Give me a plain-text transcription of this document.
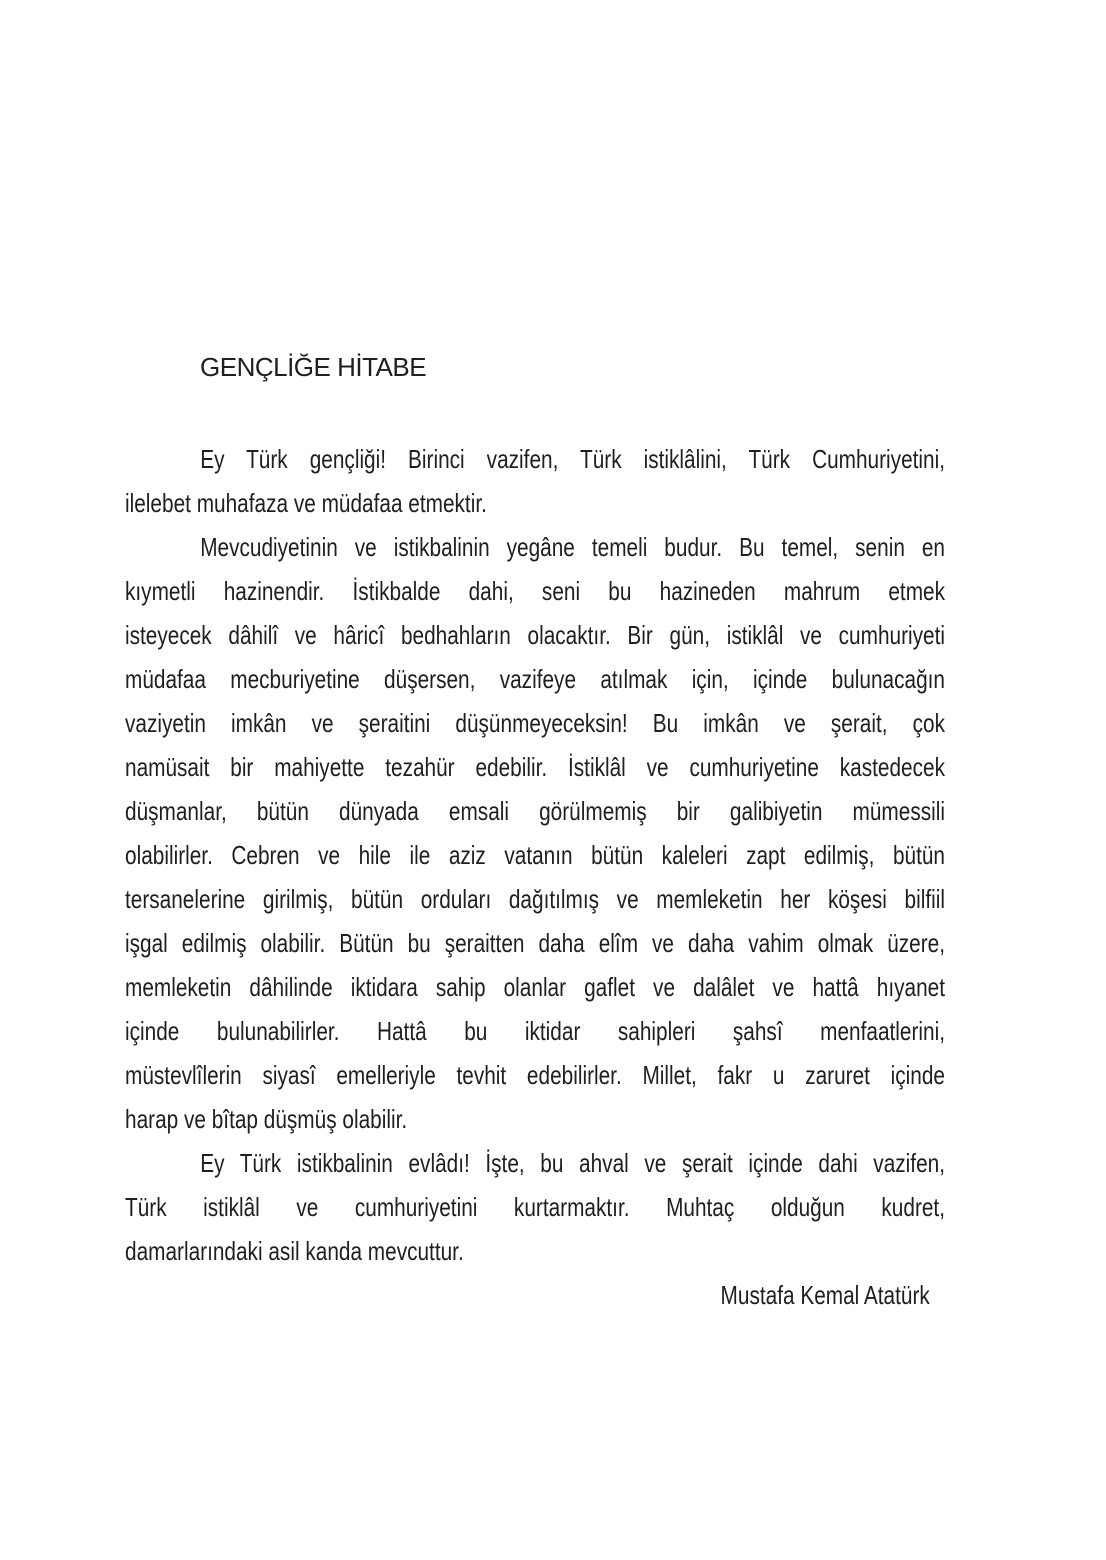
GENÇLİĞE HİTABE
Ey Türk gençliği! Birinci vazifen, Türk istiklâlini, Türk Cumhuriyetini,
ilelebet muhafaza ve müdafaa etmektir.
Mevcudiyetinin ve istikbalinin yegâne temeli budur. Bu temel, senin en
kıymetli hazinendir. İstikbalde dahi, seni bu hazineden mahrum etmek
isteyecek dâhilî ve hâricî bedhahların olacaktır. Bir gün, istiklâl ve cumhuriyeti
müdafaa mecburiyetine düşersen, vazifeye atılmak için, içinde bulunacağın
vaziyetin imkân ve şeraitini düşünmeyeceksin! Bu imkân ve şerait, çok
namüsait bir mahiyette tezahür edebilir. İstiklâl ve cumhuriyetine kastedecek
düşmanlar, bütün dünyada emsali görülmemiş bir galibiyetin mümessili
olabilirler. Cebren ve hile ile aziz vatanın bütün kaleleri zapt edilmiş, bütün
tersanelerine girilmiş, bütün orduları dağıtılmış ve memleketin her köşesi bilfiil
işgal edilmiş olabilir. Bütün bu şeraitten daha elîm ve daha vahim olmak üzere,
memleketin dâhilinde iktidara sahip olanlar gaflet ve dalâlet ve hattâ hıyanet
içinde bulunabilirler. Hattâ bu iktidar sahipleri şahsî menfaatlerini,
müstevlîlerin siyasî emelleriyle tevhit edebilirler. Millet, fakr u zaruret içinde
harap ve bîtap düşmüş olabilir.
Ey Türk istikbalinin evlâdı! İşte, bu ahval ve şerait içinde dahi vazifen,
Türk istiklâl ve cumhuriyetini kurtarmaktır. Muhtaç olduğun kudret,
damarlarındaki asil kanda mevcuttur.
Mustafa Kemal Atatürk
